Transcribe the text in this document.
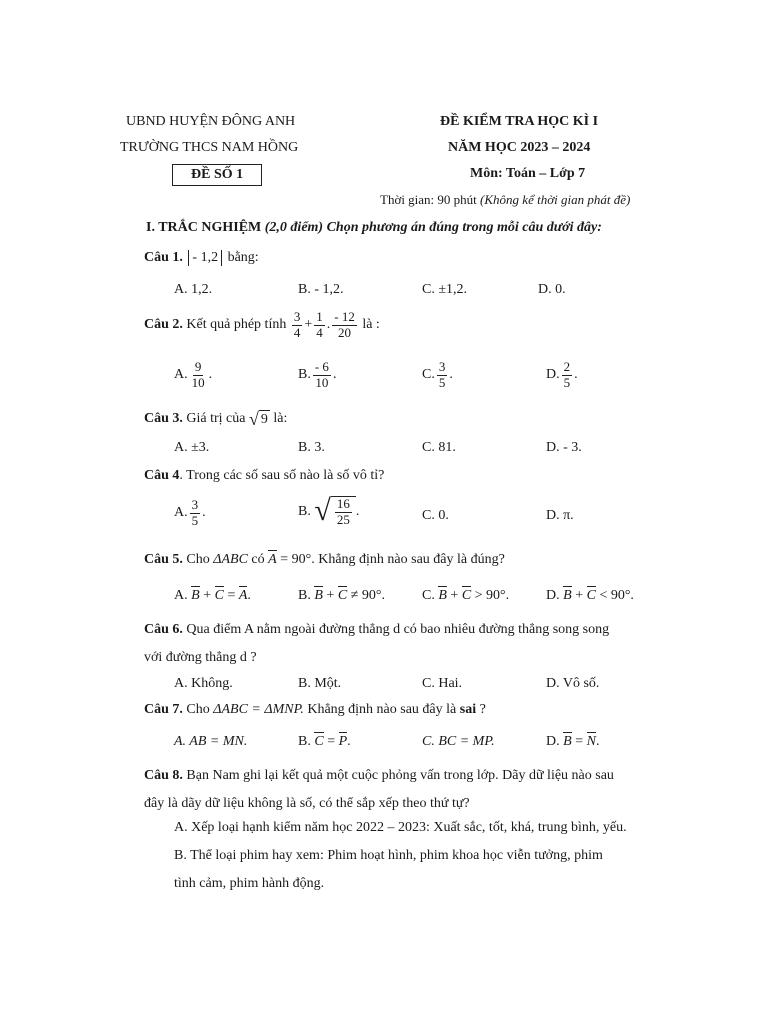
UBND HUYỆN ĐÔNG ANH
TRƯỜNG THCS NAM HỒNG
ĐỀ SỐ 1
ĐỀ KIỂM TRA HỌC KÌ I
NĂM HỌC 2023 – 2024
Môn: Toán – Lớp 7
Thời gian: 90 phút (Không kể thời gian phát đề)
I. TRẮC NGHIỆM (2,0 điểm) Chọn phương án đúng trong mỗi câu dưới đây:
Câu 1. - 1,2 bằng:
A. 1,2.	B. - 1,2.	C. ±1,2.	D. 0.
Câu 2.
Kết quả phép tính
$\frac{3}{4} + \frac{1}{4}$ . $\frac{- 12}{20}$
là :
A. $\frac{9}{10}$ .	B. $\frac{- 6}{10}$ .	C. $\frac{3}{5}$ .	D. $\frac{2}{5}$ .
Câu 3.
Giá trị của
√ 9
là:
A. ±3.	B. 3.	C. 81.	D. - 3.
Câu 4. Trong các số sau số nào là số vô tỉ?
A. $\frac{3}{5}$ .	B.
√ $\frac{16}{25}$ .	C. 0.	D. π.
Câu 5. Cho ΔABC có A = 90°. Khẳng định nào sau đây là đúng?
A.
B
+
C
=
A .	B.
B
+
C
≠ 90°.	C.
B
+
C
> 90°.	D.
B
+
C
< 90°.
Câu 6. Qua điểm A nằm ngoài đường thẳng d có bao nhiêu đường thẳng song song
với đường thẳng d ?
A. Không.	B. Một.	C. Hai.	D. Vô số.
Câu 7. Cho ΔABC = ΔMNP. Khẳng định nào sau đây là sai ?
A. AB = MN.	B.
C
=
P .	C. BC = MP.	D.
B
=
N .
Câu 8. Bạn Nam ghi lại kết quả một cuộc phỏng vấn trong lớp. Dãy dữ liệu nào sau
đây là dãy dữ liệu không là số, có thể sắp xếp theo thứ tự?
A. Xếp loại hạnh kiểm năm học 2022 – 2023: Xuất sắc, tốt, khá, trung bình, yếu.
B. Thể loại phim hay xem: Phim hoạt hình, phim khoa học viễn tưởng, phim
tình cảm, phim hành động.
